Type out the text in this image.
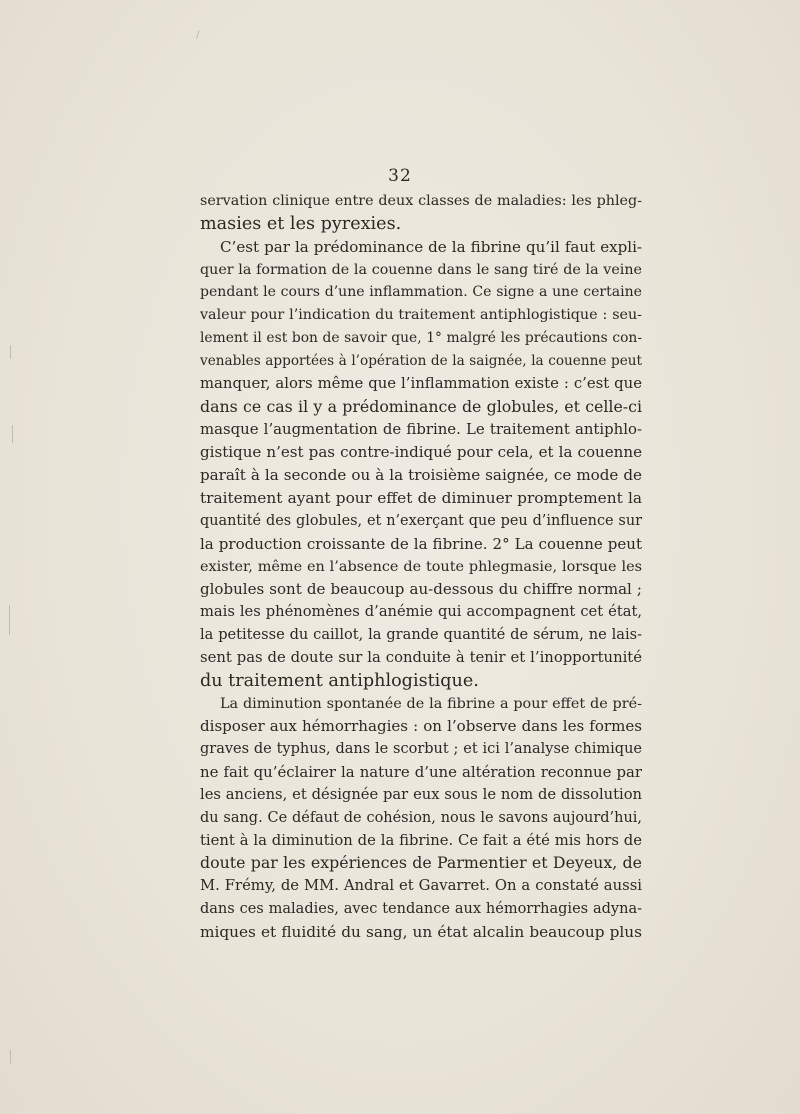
/
32
servation clinique entre deux classes de maladies: les phleg-
masies et les pyrexies.
C’est par la prédominance de la fibrine qu’il faut expli-
quer la formation de la couenne dans le sang tiré de la veine
pendant le cours d’une inflammation. Ce signe a une certaine
valeur pour l’indication du traitement antiphlogistique : seu-
lement il est bon de savoir que, 1° malgré les précautions con-
venables apportées à l’opération de la saignée, la couenne peut
manquer, alors même que l’inflammation existe : c’est que
dans ce cas il y a prédominance de globules, et celle-ci
masque l’augmentation de fibrine. Le traitement antiphlo-
gistique n’est pas contre-indiqué pour cela, et la couenne
paraît à la seconde ou à la troisième saignée, ce mode de
traitement ayant pour effet de diminuer promptement la
quantité des globules, et n’exerçant que peu d’influence sur
la production croissante de la fibrine. 2° La couenne peut
exister, même en l’absence de toute phlegmasie, lorsque les
globules sont de beaucoup au-dessous du chiffre normal ;
mais les phénomènes d’anémie qui accompagnent cet état,
la petitesse du caillot, la grande quantité de sérum, ne lais-
sent pas de doute sur la conduite à tenir et l’inopportunité
du traitement antiphlogistique.
La diminution spontanée de la fibrine a pour effet de pré-
disposer aux hémorrhagies : on l’observe dans les formes
graves de typhus, dans le scorbut ; et ici l’analyse chimique
ne fait qu’éclairer la nature d’une altération reconnue par
les anciens, et désignée par eux sous le nom de dissolution
du sang. Ce défaut de cohésion, nous le savons aujourd’hui,
tient à la diminution de la fibrine. Ce fait a été mis hors de
doute par les expériences de Parmentier et Deyeux, de
M. Frémy, de MM. Andral et Gavarret. On a constaté aussi
dans ces maladies, avec tendance aux hémorrhagies adyna-
miques et fluidité du sang, un état alcalin beaucoup plus
